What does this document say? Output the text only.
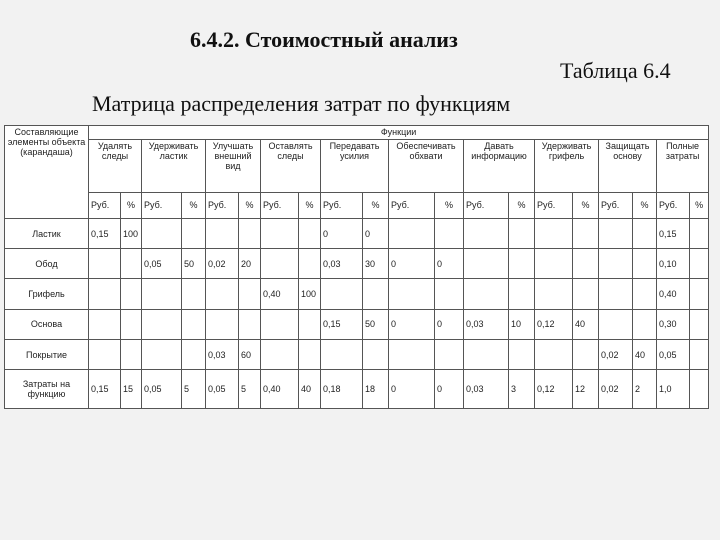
6.4.2. Стоимостный анализ
Таблица 6.4
Матрица распределения затрат по функциям
Составляющие элементы объекта (карандаша)	Функции																			
	Удалять следы		Удерживать ластик		Улучшать внешний вид		Оставлять следы		Передавать усилия		Обеспечивать обхвати		Давать информацию		Удерживать грифель		Защищать основу		Полные затраты	
	Руб.	%	Руб.	%	Руб.	%	Руб.	%	Руб.	%	Руб.	%	Руб.	%	Руб.	%	Руб.	%	Руб.	%
Ластик	0,15	100							0	0									0,15	
Обод			0,05	50	0,02	20			0,03	30	0	0							0,10	
Грифель							0,40	100											0,40	
Основа									0,15	50	0	0	0,03	10	0,12	40			0,30	
Покрытие					0,03	60											0,02	40	0,05	
Затраты на функцию	0,15	15	0,05	5	0,05	5	0,40	40	0,18	18	0	0	0,03	3	0,12	12	0,02	2	1,0	
